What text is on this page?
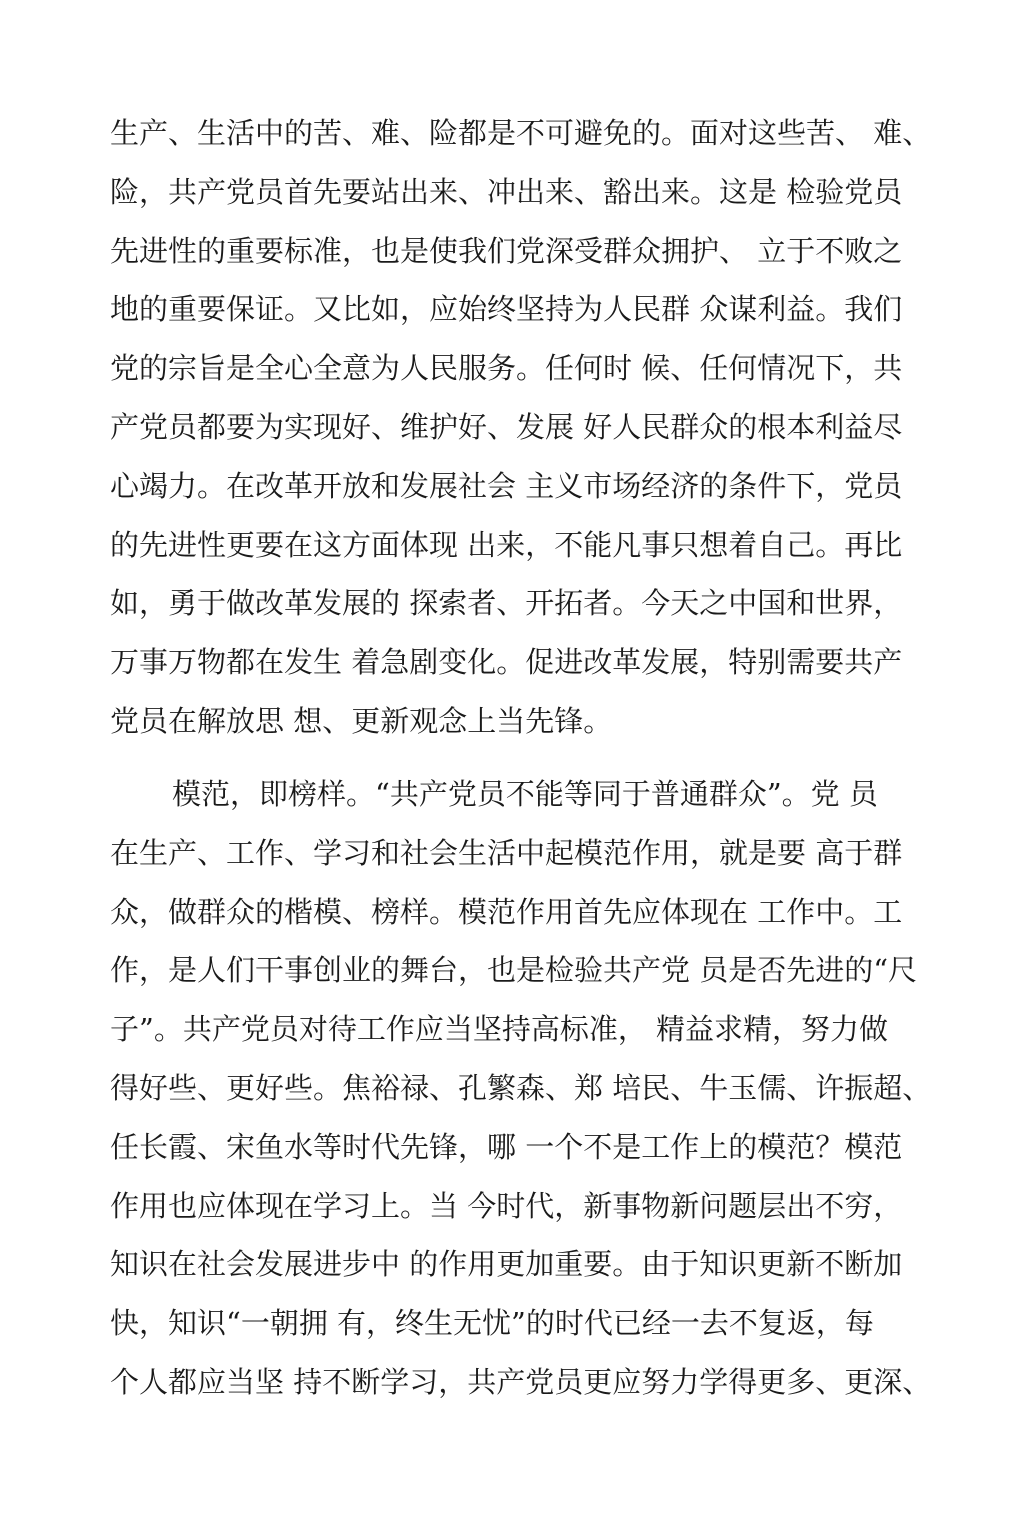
生产、生活中的苦、难、险都是不可避免的。面对这些苦、 难、
险，共产党员首先要站出来、冲出来、豁出来。这是 检验党员
先进性的重要标准，也是使我们党深受群众拥护、 立于不败之
地的重要保证。又比如，应始终坚持为人民群 众谋利益。我们
党的宗旨是全心全意为人民服务。任何时 候、任何情况下，共
产党员都要为实现好、维护好、发展 好人民群众的根本利益尽
心竭力。在改革开放和发展社会 主义市场经济的条件下，党员
的先进性更要在这方面体现 出来，不能凡事只想着自己。再比
如，勇于做改革发展的 探索者、开拓者。今天之中国和世界，
万事万物都在发生 着急剧变化。促进改革发展，特别需要共产
党员在解放思 想、更新观念上当先锋。
模范，即榜样。“共产党员不能等同于普通群众”。党 员
在生产、工作、学习和社会生活中起模范作用，就是要 高于群
众，做群众的楷模、榜样。模范作用首先应体现在 工作中。工
作，是人们干事创业的舞台，也是检验共产党 员是否先进的“尺
子”。共产党员对待工作应当坚持高标准， 精益求精，努力做
得好些、更好些。焦裕禄、孔繁森、郑 培民、牛玉儒、许振超、
任长霞、宋鱼水等时代先锋，哪 一个不是工作上的模范？模范
作用也应体现在学习上。当 今时代，新事物新问题层出不穷，
知识在社会发展进步中 的作用更加重要。由于知识更新不断加
快，知识“一朝拥 有，终生无忧”的时代已经一去不复返，每
个人都应当坚 持不断学习，共产党员更应努力学得更多、更深、
